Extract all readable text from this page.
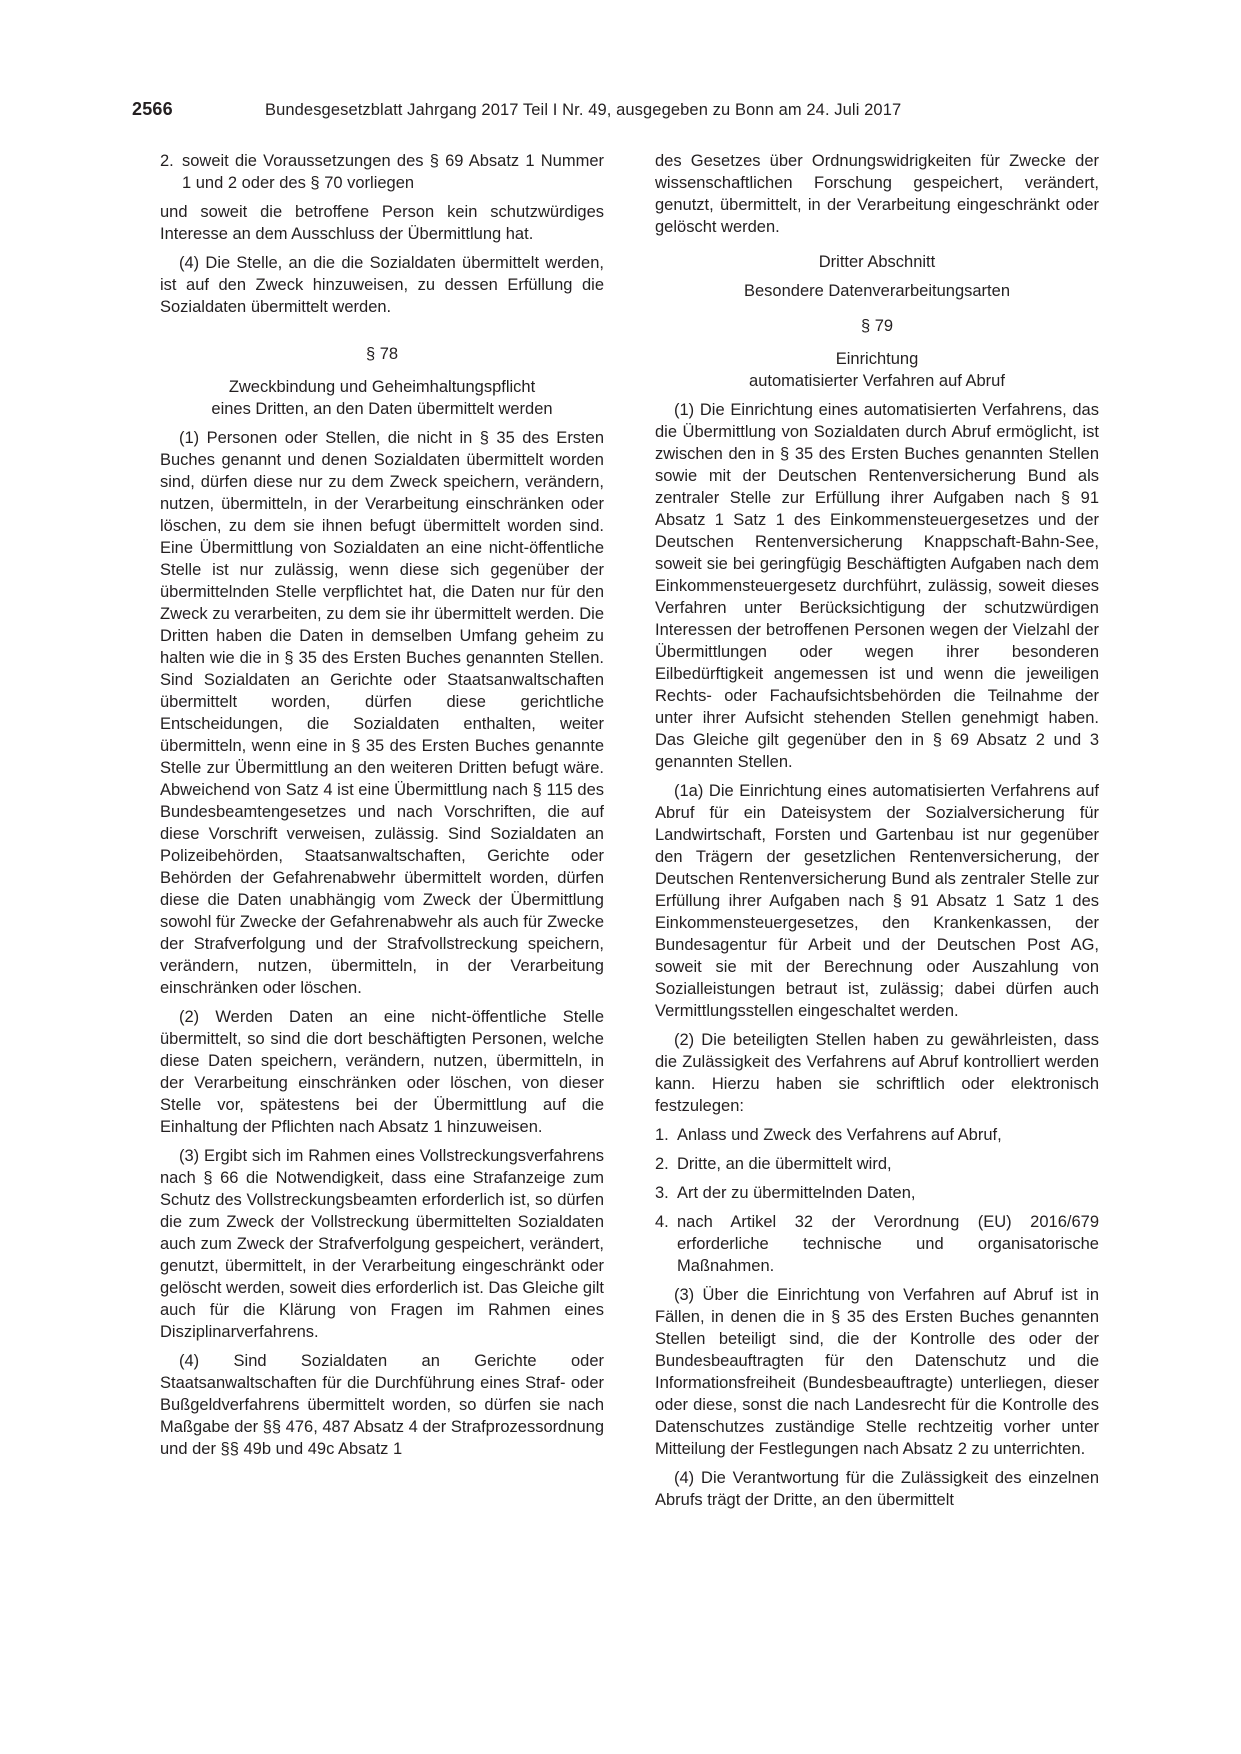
2566	Bundesgesetzblatt Jahrgang 2017 Teil I Nr. 49, ausgegeben zu Bonn am 24. Juli 2017
2. soweit die Voraussetzungen des § 69 Absatz 1 Nummer 1 und 2 oder des § 70 vorliegen

und soweit die betroffene Person kein schutzwürdiges Interesse an dem Ausschluss der Übermittlung hat.

(4) Die Stelle, an die die Sozialdaten übermittelt werden, ist auf den Zweck hinzuweisen, zu dessen Erfüllung die Sozialdaten übermittelt werden.

§ 78

Zweckbindung und Geheimhaltungspflicht

eines Dritten, an den Daten übermittelt werden

(1) Personen oder Stellen, die nicht in § 35 des Ersten Buches genannt und denen Sozialdaten übermittelt worden sind, dürfen diese nur zu dem Zweck speichern, verändern, nutzen, übermitteln, in der Verarbeitung einschränken oder löschen, zu dem sie ihnen befugt übermittelt worden sind. Eine Übermittlung von Sozialdaten an eine nicht-öffentliche Stelle ist nur zulässig, wenn diese sich gegenüber der übermittelnden Stelle verpflichtet hat, die Daten nur für den Zweck zu verarbeiten, zu dem sie ihr übermittelt werden. Die Dritten haben die Daten in demselben Umfang geheim zu halten wie die in § 35 des Ersten Buches genannten Stellen. Sind Sozialdaten an Gerichte oder Staatsanwaltschaften übermittelt worden, dürfen diese gerichtliche Entscheidungen, die Sozialdaten enthalten, weiter übermitteln, wenn eine in § 35 des Ersten Buches genannte Stelle zur Übermittlung an den weiteren Dritten befugt wäre. Abweichend von Satz 4 ist eine Übermittlung nach § 115 des Bundesbeamtengesetzes und nach Vorschriften, die auf diese Vorschrift verweisen, zulässig. Sind Sozialdaten an Polizeibehörden, Staatsanwaltschaften, Gerichte oder Behörden der Gefahrenabwehr übermittelt worden, dürfen diese die Daten unabhängig vom Zweck der Übermittlung sowohl für Zwecke der Gefahrenabwehr als auch für Zwecke der Strafverfolgung und der Strafvollstreckung speichern, verändern, nutzen, übermitteln, in der Verarbeitung einschränken oder löschen.

(2) Werden Daten an eine nicht-öffentliche Stelle übermittelt, so sind die dort beschäftigten Personen, welche diese Daten speichern, verändern, nutzen, übermitteln, in der Verarbeitung einschränken oder löschen, von dieser Stelle vor, spätestens bei der Übermittlung auf die Einhaltung der Pflichten nach Absatz 1 hinzuweisen.

(3) Ergibt sich im Rahmen eines Vollstreckungsverfahrens nach § 66 die Notwendigkeit, dass eine Strafanzeige zum Schutz des Vollstreckungsbeamten erforderlich ist, so dürfen die zum Zweck der Vollstreckung übermittelten Sozialdaten auch zum Zweck der Strafverfolgung gespeichert, verändert, genutzt, übermittelt, in der Verarbeitung eingeschränkt oder gelöscht werden, soweit dies erforderlich ist. Das Gleiche gilt auch für die Klärung von Fragen im Rahmen eines Disziplinarverfahrens.

(4) Sind Sozialdaten an Gerichte oder Staatsanwaltschaften für die Durchführung eines Straf- oder Bußgeldverfahrens übermittelt worden, so dürfen sie nach Maßgabe der §§ 476, 487 Absatz 4 der Strafprozessordnung und der §§ 49b und 49c Absatz 1

des Gesetzes über Ordnungswidrigkeiten für Zwecke der wissenschaftlichen Forschung gespeichert, verändert, genutzt, übermittelt, in der Verarbeitung eingeschränkt oder gelöscht werden.

Dritter Abschnitt

Besondere Datenverarbeitungsarten

§ 79

Einrichtung

automatisierter Verfahren auf Abruf

(1) Die Einrichtung eines automatisierten Verfahrens, das die Übermittlung von Sozialdaten durch Abruf ermöglicht, ist zwischen den in § 35 des Ersten Buches genannten Stellen sowie mit der Deutschen Rentenversicherung Bund als zentraler Stelle zur Erfüllung ihrer Aufgaben nach § 91 Absatz 1 Satz 1 des Einkommensteuergesetzes und der Deutschen Rentenversicherung Knappschaft-Bahn-See, soweit sie bei geringfügig Beschäftigten Aufgaben nach dem Einkommensteuergesetz durchführt, zulässig, soweit dieses Verfahren unter Berücksichtigung der schutzwürdigen Interessen der betroffenen Personen wegen der Vielzahl der Übermittlungen oder wegen ihrer besonderen Eilbedürftigkeit angemessen ist und wenn die jeweiligen Rechts- oder Fachaufsichtsbehörden die Teilnahme der unter ihrer Aufsicht stehenden Stellen genehmigt haben. Das Gleiche gilt gegenüber den in § 69 Absatz 2 und 3 genannten Stellen.

(1a) Die Einrichtung eines automatisierten Verfahrens auf Abruf für ein Dateisystem der Sozialversicherung für Landwirtschaft, Forsten und Gartenbau ist nur gegenüber den Trägern der gesetzlichen Rentenversicherung, der Deutschen Rentenversicherung Bund als zentraler Stelle zur Erfüllung ihrer Aufgaben nach § 91 Absatz 1 Satz 1 des Einkommensteuergesetzes, den Krankenkassen, der Bundesagentur für Arbeit und der Deutschen Post AG, soweit sie mit der Berechnung oder Auszahlung von Sozialleistungen betraut ist, zulässig; dabei dürfen auch Vermittlungsstellen eingeschaltet werden.

(2) Die beteiligten Stellen haben zu gewährleisten, dass die Zulässigkeit des Verfahrens auf Abruf kontrolliert werden kann. Hierzu haben sie schriftlich oder elektronisch festzulegen:

1. Anlass und Zweck des Verfahrens auf Abruf,
2. Dritte, an die übermittelt wird,
3. Art der zu übermittelnden Daten,
4. nach Artikel 32 der Verordnung (EU) 2016/679 erforderliche technische und organisatorische Maßnahmen.

(3) Über die Einrichtung von Verfahren auf Abruf ist in Fällen, in denen die in § 35 des Ersten Buches genannten Stellen beteiligt sind, die der Kontrolle des oder der Bundesbeauftragten für den Datenschutz und die Informationsfreiheit (Bundesbeauftragte) unterliegen, dieser oder diese, sonst die nach Landesrecht für die Kontrolle des Datenschutzes zuständige Stelle rechtzeitig vorher unter Mitteilung der Festlegungen nach Absatz 2 zu unterrichten.

(4) Die Verantwortung für die Zulässigkeit des einzelnen Abrufs trägt der Dritte, an den übermittelt
